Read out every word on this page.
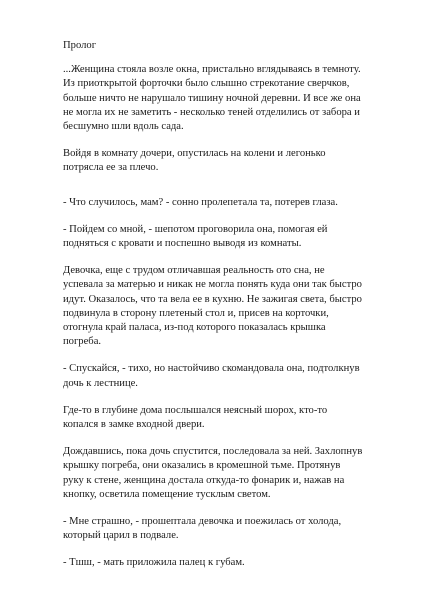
Пролог

...Женщина стояла возле окна, пристально вглядываясь в темноту. Из приоткрытой форточки было слышно стрекотание сверчков, больше ничто не нарушало тишину ночной деревни. И все же она не могла их не заметить - несколько теней отделились от забора и бесшумно шли вдоль сада.

Войдя в комнату дочери, опустилась на колени и легонько потрясла ее за плечо.

- Что случилось, мам? - сонно пролепетала та, потерев глаза.

- Пойдем со мной, - шепотом проговорила она, помогая ей подняться с кровати и поспешно выводя из комнаты.

Девочка, еще с трудом отличавшая реальность ото сна, не успевала за матерью и никак не могла понять куда они так быстро идут. Оказалось, что та вела ее в кухню. Не зажигая света, быстро подвинула в сторону плетеный стол и, присев на корточки, отогнула край паласа, из-под которого показалась крышка погреба.

- Спускайся, - тихо, но настойчиво скомандовала она, подтолкнув дочь к лестнице.

Где-то в глубине дома послышался неясный шорох, кто-то копался в замке входной двери.

Дождавшись, пока дочь спустится, последовала за ней. Захлопнув крышку погреба, они оказались в кромешной тьме. Протянув руку к стене, женщина достала откуда-то фонарик и, нажав на кнопку, осветила помещение тусклым светом.

- Мне страшно, - прошептала девочка и поежилась от холода, который царил в подвале.

- Тшш, - мать приложила палец к губам.
